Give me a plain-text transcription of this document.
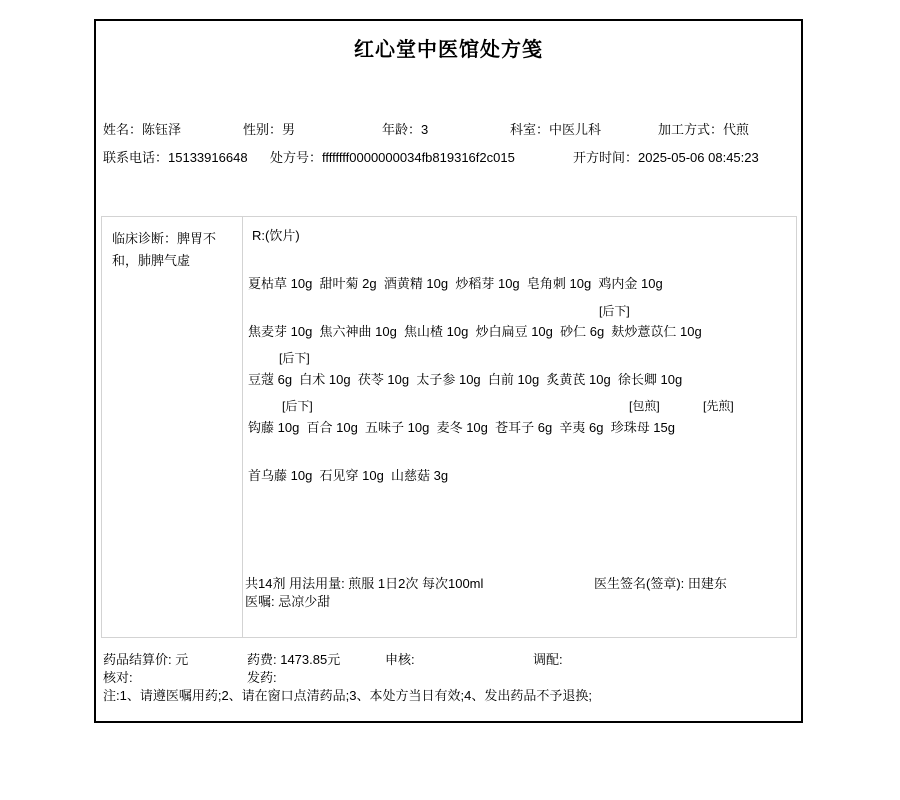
红心堂中医馆处方笺
姓名：陈钰泽	性别：男	年龄：3	科室：中医儿科	加工方式：代煎
联系电话：15133916648 处方号：ffffffff0000000034fb819316f2c015	开方时间：2025-05-06 08:45:23
临床诊断：脾胃不和，肺脾气虚
R:(饮片)
夏枯草 10g  甜叶菊 2g  酒黄精 10g  炒稻芽 10g  皂角刺 10g  鸡内金 10g
[后下]
焦麦芽 10g  焦六神曲 10g  焦山楂 10g  炒白扁豆 10g  砂仁 6g  麸炒薏苡仁 10g
[后下]
豆蔻 6g  白术 10g  茯苓 10g  太子参 10g  白前 10g  炙黄芪 10g  徐长卿 10g
[后下]	[包煎]	[先煎]
钩藤 10g  百合 10g  五味子 10g  麦冬 10g  苍耳子 6g  辛夷 6g  珍珠母 15g
首乌藤 10g  石见穿 10g  山慈菇 3g
共14剂 用法用量: 煎服 1日2次 每次100ml	医生签名(签章): 田建东
医嘱: 忌凉少甜
药品结算价: 元	药费: 1473.85元	申核:	调配:
核对:	发药:
注:1、请遵医嘱用药;2、请在窗口点清药品;3、本处方当日有效;4、发出药品不予退换;
